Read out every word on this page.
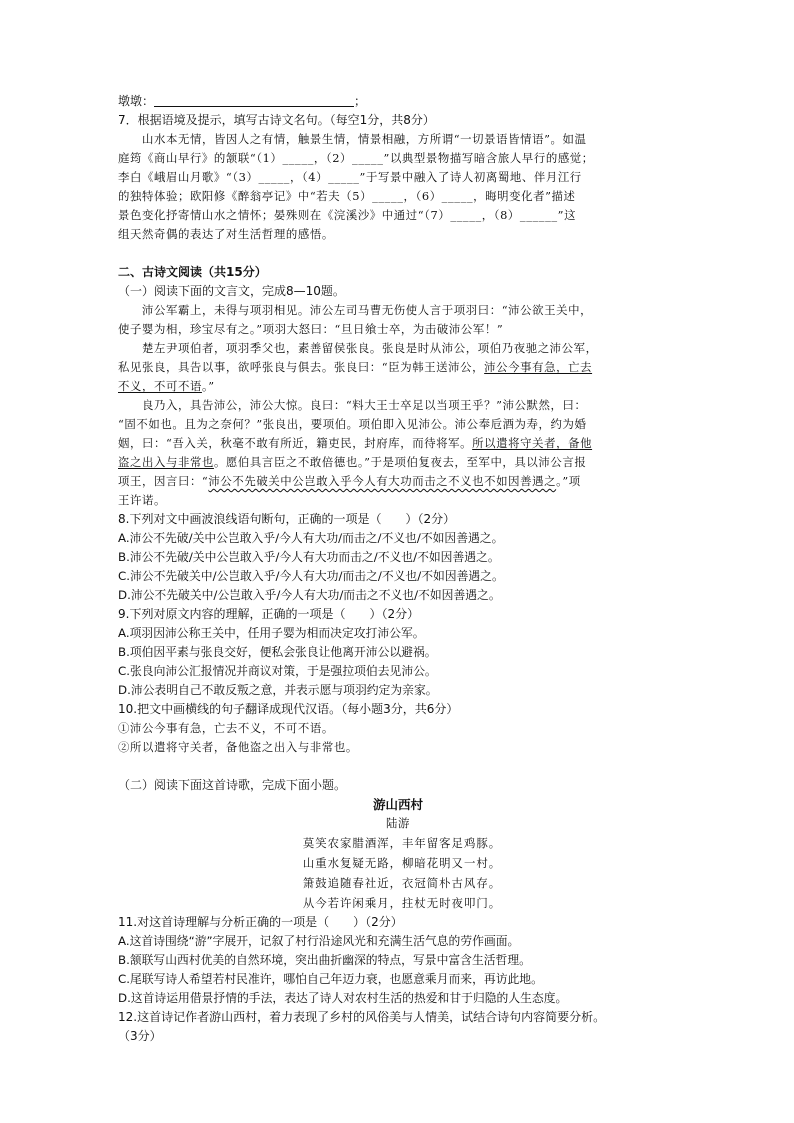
墩墩：	；
7．根据语境及提示，填写古诗文名句。（每空1分，共8分）
山水本无情，皆因人之有情，触景生情，情景相融，方所谓“一切景语皆情语”。如温
庭筠《商山早行》的颔联“（1）_____，（2）_____”以典型景物描写暗含旅人早行的感觉；
李白《峨眉山月歌》“（3）_____，（4）_____”于写景中融入了诗人初离蜀地、伴月江行
的独特体验；欧阳修《醉翁亭记》中“若夫（5）_____，（6）_____，晦明变化者”描述
景色变化抒寄情山水之情怀；晏殊则在《浣溪沙》中通过“（7）_____，（8）______”这
组天然奇偶的表达了对生活哲理的感悟。
二、古诗文阅读（共15分）
（一）阅读下面的文言文，完成8—10题。
沛公军霸上，未得与项羽相见。沛公左司马曹无伤使人言于项羽曰：“沛公欲王关中，
使子婴为相，珍宝尽有之。”项羽大怒曰：“旦日飨士卒，为击破沛公军！”
楚左尹项伯者，项羽季父也，素善留侯张良。张良是时从沛公，项伯乃夜驰之沛公军，
私见张良，具告以事，欲呼张良与俱去。张良曰：“臣为韩王送沛公，沛公今事有急，亡去
不义，不可不语。”
良乃入，具告沛公，沛公大惊。良曰：“料大王士卒足以当项王乎？”沛公默然，曰：
“固不如也。且为之奈何？”张良出，要项伯。项伯即入见沛公。沛公奉卮酒为寿，约为婚
姻，曰：“吾入关，秋毫不敢有所近，籍吏民，封府库，而待将军。所以遣将守关者，备他
盗之出入与非常也。愿伯具言臣之不敢倍德也。”于是项伯复夜去，至军中，具以沛公言报
项王，因言曰：“沛公不先破关中公岂敢入乎今人有大功而击之不义也不如因善遇之。”项
王许诺。
8.下列对文中画波浪线语句断句，正确的一项是（　　）（2分）
A.沛公不先破/关中公岂敢入乎/今人有大功/而击之/不义也/不如因善遇之。
B.沛公不先破/关中公岂敢入乎/今人有大功而击之/不义也/不如因善遇之。
C.沛公不先破关中/公岂敢入乎/今人有大功/而击之/不义也/不如因善遇之。
D.沛公不先破关中/公岂敢入乎/今人有大功/而击之不义也/不如因善遇之。
9.下列对原文内容的理解，正确的一项是（　　）（2分）
A.项羽因沛公称王关中，任用子婴为相而决定攻打沛公军。
B.项伯因平素与张良交好，便私会张良让他离开沛公以避祸。
C.张良向沛公汇报情况并商议对策，于是强拉项伯去见沛公。
D.沛公表明自己不敢反叛之意，并表示愿与项羽约定为亲家。
10.把文中画横线的句子翻译成现代汉语。（每小题3分，共6分）
①沛公今事有急，亡去不义，不可不语。
②所以遣将守关者，备他盗之出入与非常也。
（二）阅读下面这首诗歌，完成下面小题。
游山西村
陆游
莫笑农家腊酒浑，丰年留客足鸡豚。
山重水复疑无路，柳暗花明又一村。
箫鼓追随春社近，衣冠简朴古风存。
从今若许闲乘月，拄杖无时夜叩门。
11.对这首诗理解与分析正确的一项是（　　）（2分）
A.这首诗围绕“游”字展开，记叙了村行沿途风光和充满生活气息的劳作画面。
B.颔联写山西村优美的自然环境，突出曲折幽深的特点，写景中富含生活哲理。
C.尾联写诗人希望若村民准许，哪怕自己年迈力衰，也愿意乘月而来，再访此地。
D.这首诗运用借景抒情的手法，表达了诗人对农村生活的热爱和甘于归隐的人生态度。
12.这首诗记作者游山西村，着力表现了乡村的风俗美与人情美，试结合诗句内容简要分析。
（3分）
